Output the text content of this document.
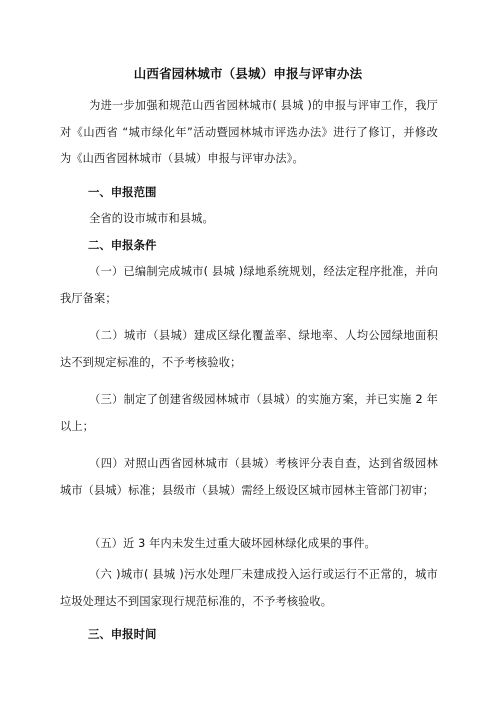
山西省园林城市（县城）申报与评审办法
为进一步加强和规范山西省园林城市( 县城 )的申报与评审工作，我厅对《山西省 “城市绿化年”活动暨园林城市评选办法》进行了修订，并修改为《山西省园林城市（县城）申报与评审办法》。
一、申报范围
全省的设市城市和县城。
二、申报条件
（一）已编制完成城市( 县城 )绿地系统规划，经法定程序批准，并向我厅备案；
（二）城市（县城）建成区绿化覆盖率、绿地率、人均公园绿地面积达不到规定标准的，不予考核验收；
（三）制定了创建省级园林城市（县城）的实施方案，并已实施 2 年以上；
（四）对照山西省园林城市（县城）考核评分表自查，达到省级园林城市（县城）标准；县级市（县城）需经上级设区城市园林主管部门初审；
（五）近 3 年内未发生过重大破坏园林绿化成果的事件。
（六 )城市( 县城 )污水处理厂未建成投入运行或运行不正常的，城市垃圾处理达不到国家现行规范标准的，不予考核验收。
三、申报时间
